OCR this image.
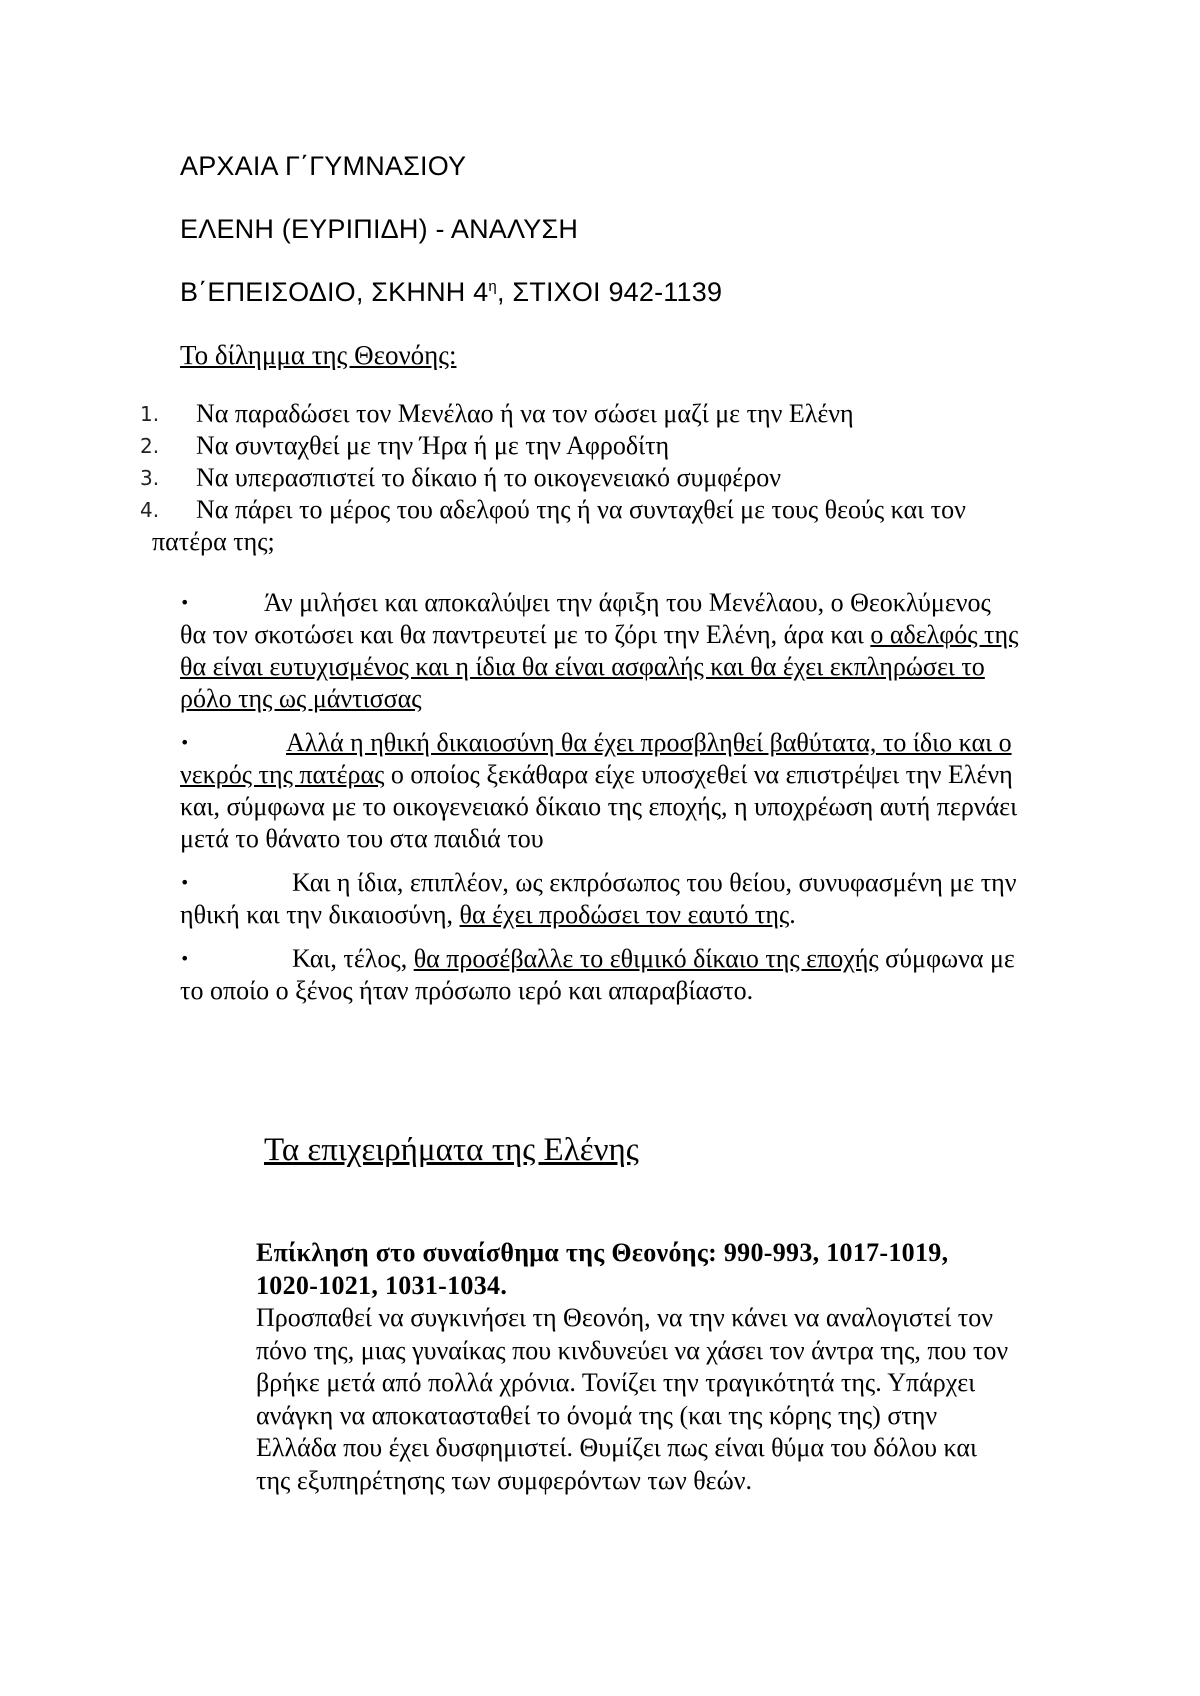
ΑΡΧΑΙΑ Γ΄ΓΥΜΝΑΣΙΟΥ
ΕΛΕΝΗ (ΕΥΡΙΠΙΔΗ) - ΑΝΑΛΥΣΗ
Β΄ΕΠΕΙΣΟΔΙΟ, ΣΚΗΝΗ $4^\eta$, ΣΤΙΧΟΙ 942-1139
Το δίλημμα της Θεονόης:
1. Να παραδώσει τον Μενέλαο ή να τον σώσει μαζί με την Ελένη
2. Να συνταχθεί με την Ήρα ή με την Αφροδίτη
3. Να υπερασπιστεί το δίκαιο ή το οικογενειακό συμφέρον
4. Να πάρει το μέρος του αδελφού της ή να συνταχθεί με τους θεούς και τον πατέρα της;
•	Άν μιλήσει και αποκαλύψει την άφιξη του Μενέλαου, ο Θεοκλύμενος θα τον σκοτώσει και θα παντρευτεί με το ζόρι την Ελένη, άρα και ο αδελφός της θα είναι ευτυχισμένος και η ίδια θα είναι ασφαλής και θα έχει εκπληρώσει το ρόλο της ως μάντισσας
•	Αλλά η ηθική δικαιοσύνη θα έχει προσβληθεί βαθύτατα, το ίδιο και ο νεκρός της πατέρας ο οποίος ξεκάθαρα είχε υποσχεθεί να επιστρέψει την Ελένη και, σύμφωνα με το οικογενειακό δίκαιο της εποχής, η υποχρέωση αυτή περνάει μετά το θάνατο του στα παιδιά του
•	Και η ίδια, επιπλέον, ως εκπρόσωπος του θείου, συνυφασμένη με την ηθική και την δικαιοσύνη, θα έχει προδώσει τον εαυτό της.
•	Και, τέλος, θα προσέβαλλε το εθιμικό δίκαιο της εποχής σύμφωνα με το οποίο ο ξένος ήταν πρόσωπο ιερό και απαραβίαστο.
Τα επιχειρήματα της Ελένης
Επίκληση στο συναίσθημα της Θεονόης: 990-993, 1017-1019, 1020-1021, 1031-1034.
Προσπαθεί να συγκινήσει τη Θεονόη, να την κάνει να αναλογιστεί τον πόνο της, μιας γυναίκας που κινδυνεύει να χάσει τον άντρα της, που τον βρήκε μετά από πολλά χρόνια. Τονίζει την τραγικότητά της. Υπάρχει ανάγκη να αποκατασταθεί το όνομά της (και της κόρης της) στην Ελλάδα που έχει δυσφημιστεί. Θυμίζει πως είναι θύμα του δόλου και της εξυπηρέτησης των συμφερόντων των θεών.
